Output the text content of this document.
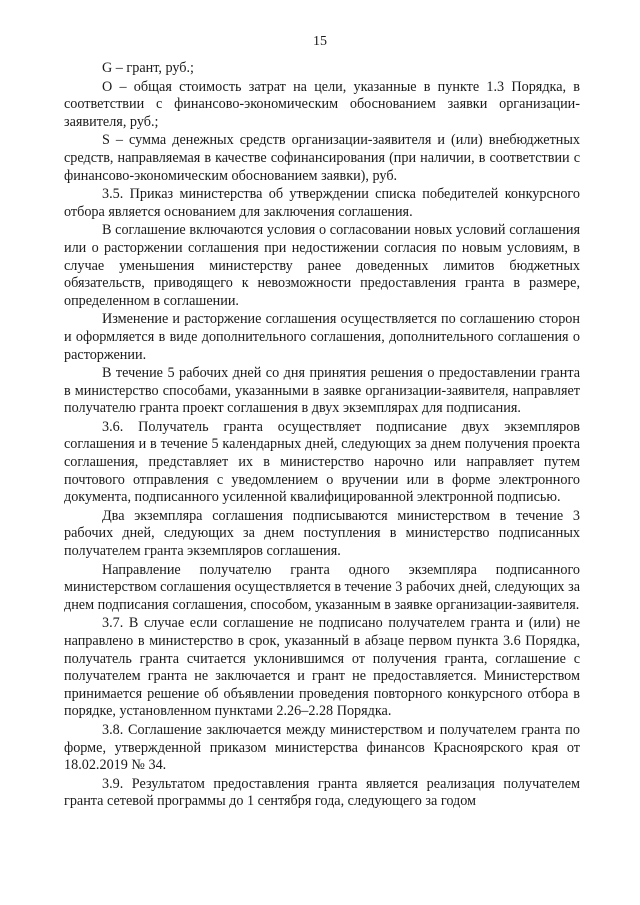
15

G – грант, руб.;

O – общая стоимость затрат на цели, указанные в пункте 1.3 Порядка, в соответствии с финансово-экономическим обоснованием заявки организации-заявителя, руб.;

S – сумма денежных средств организации-заявителя и (или) внебюджетных средств, направляемая в качестве софинансирования (при наличии, в соответствии с финансово-экономическим обоснованием заявки), руб.

3.5. Приказ министерства об утверждении списка победителей конкурсного отбора является основанием для заключения соглашения.

В соглашение включаются условия о согласовании новых условий соглашения или о расторжении соглашения при недостижении согласия по новым условиям, в случае уменьшения министерству ранее доведенных лимитов бюджетных обязательств, приводящего к невозможности предоставления гранта в размере, определенном в соглашении.

Изменение и расторжение соглашения осуществляется по соглашению сторон и оформляется в виде дополнительного соглашения, дополнительного соглашения о расторжении.

В течение 5 рабочих дней со дня принятия решения о предоставлении гранта в министерство способами, указанными в заявке организации-заявителя, направляет получателю гранта проект соглашения в двух экземплярах для подписания.

3.6. Получатель гранта осуществляет подписание двух экземпляров соглашения и в течение 5 календарных дней, следующих за днем получения проекта соглашения, представляет их в министерство нарочно или направляет путем почтового отправления с уведомлением о вручении или в форме электронного документа, подписанного усиленной квалифицированной электронной подписью.

Два экземпляра соглашения подписываются министерством в течение 3 рабочих дней, следующих за днем поступления в министерство подписанных получателем гранта экземпляров соглашения.

Направление получателю гранта одного экземпляра подписанного министерством соглашения осуществляется в течение 3 рабочих дней, следующих за днем подписания соглашения, способом, указанным в заявке организации-заявителя.

3.7. В случае если соглашение не подписано получателем гранта и (или) не направлено в министерство в срок, указанный в абзаце первом пункта 3.6 Порядка, получатель гранта считается уклонившимся от получения гранта, соглашение с получателем гранта не заключается и грант не предоставляется. Министерством принимается решение об объявлении проведения повторного конкурсного отбора в порядке, установленном пунктами 2.26–2.28 Порядка.

3.8. Соглашение заключается между министерством и получателем гранта по форме, утвержденной приказом министерства финансов Красноярского края от 18.02.2019 № 34.

3.9. Результатом предоставления гранта является реализация получателем гранта сетевой программы до 1 сентября года, следующего за годом
